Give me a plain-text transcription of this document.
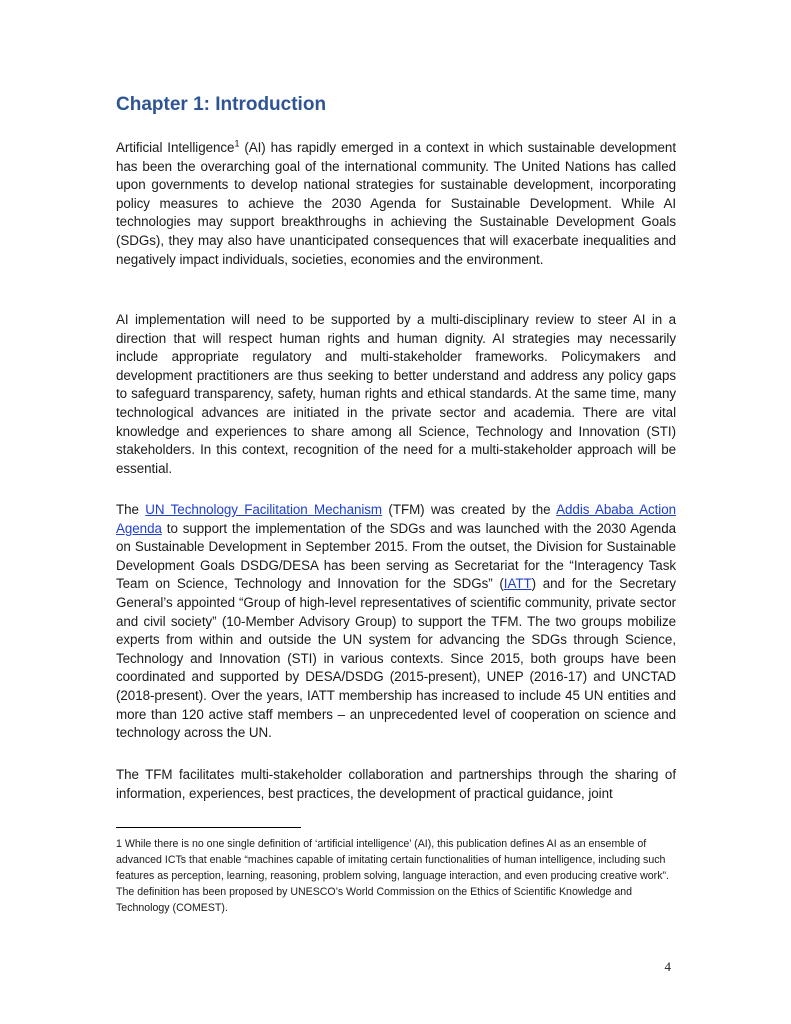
Chapter 1: Introduction

Artificial Intelligence$^1$ (AI) has rapidly emerged in a context in which sustainable development has been the overarching goal of the international community. The United Nations has called upon governments to develop national strategies for sustainable development, incorporating policy measures to achieve the 2030 Agenda for Sustainable Development. While AI technologies may support breakthroughs in achieving the Sustainable Development Goals (SDGs), they may also have unanticipated consequences that will exacerbate inequalities and negatively impact individuals, societies, economies and the environment.

AI implementation will need to be supported by a multi-disciplinary review to steer AI in a direction that will respect human rights and human dignity. AI strategies may necessarily include appropriate regulatory and multi-stakeholder frameworks. Policymakers and development practitioners are thus seeking to better understand and address any policy gaps to safeguard transparency, safety, human rights and ethical standards. At the same time, many technological advances are initiated in the private sector and academia. There are vital knowledge and experiences to share among all Science, Technology and Innovation (STI) stakeholders. In this context, recognition of the need for a multi-stakeholder approach will be essential.

The UN Technology Facilitation Mechanism (TFM) was created by the Addis Ababa Action Agenda to support the implementation of the SDGs and was launched with the 2030 Agenda on Sustainable Development in September 2015. From the outset, the Division for Sustainable Development Goals DSDG/DESA has been serving as Secretariat for the “Interagency Task Team on Science, Technology and Innovation for the SDGs” (IATT) and for the Secretary General’s appointed “Group of high-level representatives of scientific community, private sector and civil society” (10-Member Advisory Group) to support the TFM. The two groups mobilize experts from within and outside the UN system for advancing the SDGs through Science, Technology and Innovation (STI) in various contexts. Since 2015, both groups have been coordinated and supported by DESA/DSDG (2015-present), UNEP (2016-17) and UNCTAD (2018-present). Over the years, IATT membership has increased to include 45 UN entities and more than 120 active staff members – an unprecedented level of cooperation on science and technology across the UN.

The TFM facilitates multi-stakeholder collaboration and partnerships through the sharing of information, experiences, best practices, the development of practical guidance, joint

1 While there is no one single definition of ‘artificial intelligence’ (AI), this publication defines AI as an ensemble of advanced ICTs that enable “machines capable of imitating certain functionalities of human intelligence, including such features as perception, learning, reasoning, problem solving, language interaction, and even producing creative work”. The definition has been proposed by UNESCO’s World Commission on the Ethics of Scientific Knowledge and Technology (COMEST).

4
